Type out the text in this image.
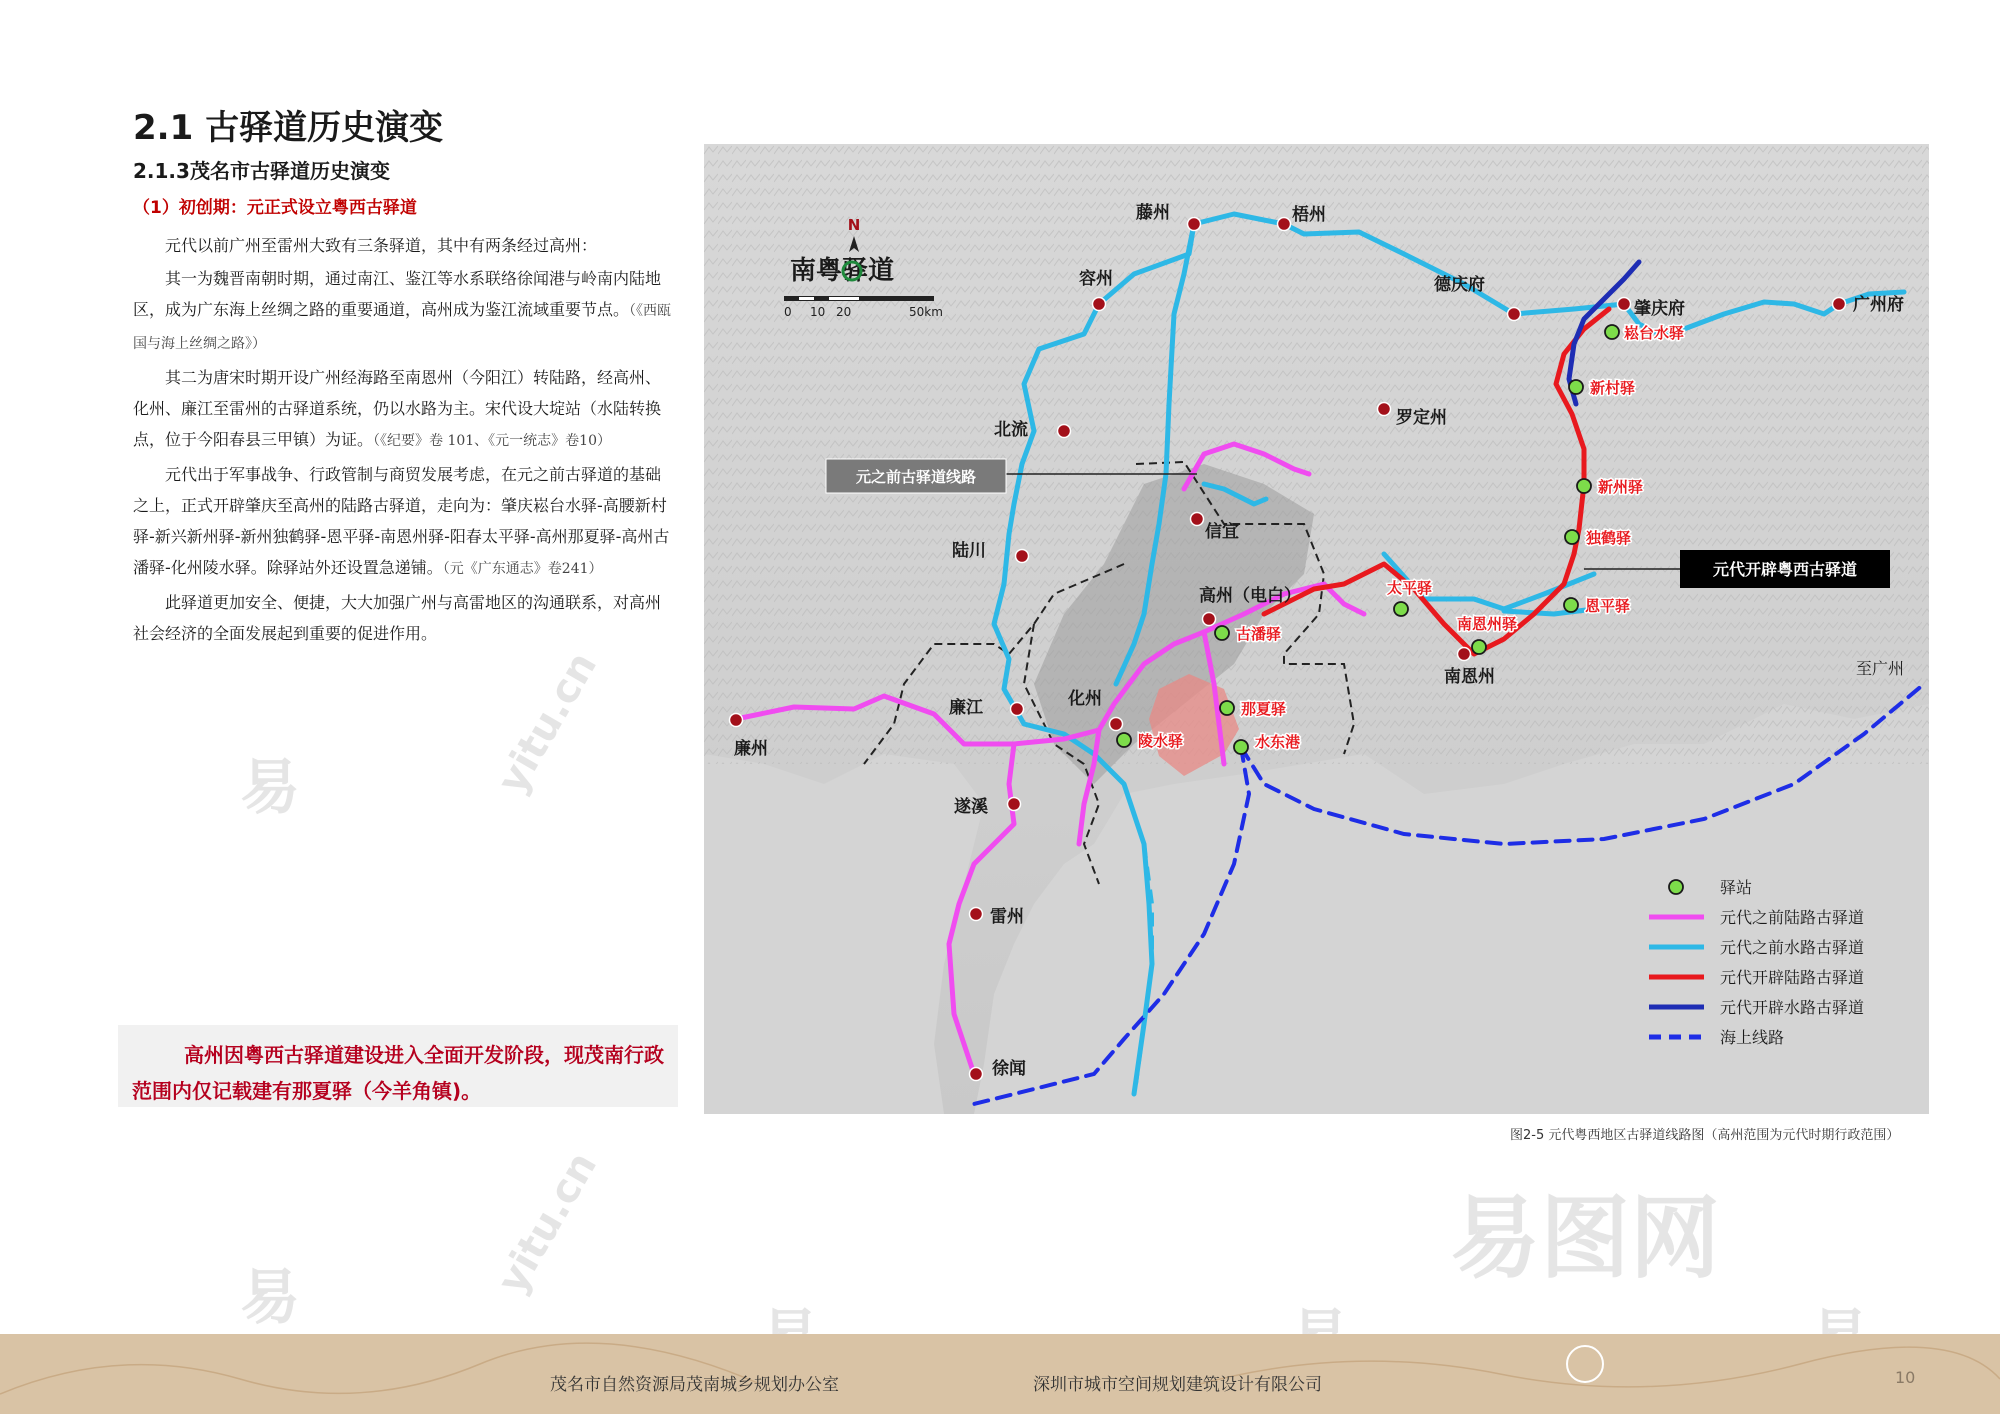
易
易
yitu.cn
yitu.cn	易图网
2.1 古驿道历史演变
2.1.3茂名市古驿道历史演变
（1）初创期：元正式设立粤西古驿道

元代以前广州至雷州大致有三条驿道，其中有两条经过高州：

其一为魏晋南朝时期，通过南江、鉴江等水系联络徐闻港与岭南内陆地区，成为广东海上丝绸之路的重要通道，高州成为鉴江流域重要节点。（《西瓯国与海上丝绸之路》）

其二为唐宋时期开设广州经海路至南恩州（今阳江）转陆路，经高州、化州、廉江至雷州的古驿道系统，仍以水路为主。宋代设大埞站（水陆转换点，位于今阳春县三甲镇）为证。（《纪要》卷 101、《元一统志》卷10）

元代出于军事战争、行政管制与商贸发展考虑，在元之前古驿道的基础之上，正式开辟肇庆至高州的陆路古驿道，走向为：肇庆崧台水驿-高腰新村驿-新兴新州驿-新州独鹤驿-恩平驿-南恩州驿-阳春太平驿-高州那夏驿-高州古潘驿-化州陵水驿。除驿站外还设置急递铺。（元《广东通志》卷241）

此驿道更加安全、便捷，大大加强广州与高雷地区的沟通联系，对高州社会经济的全面发展起到重要的促进作用。

高州因粤西古驿道建设进入全面开发阶段，现茂南行政范围内仅记载建有那夏驿（今羊角镇)。
藤州	梧州
德庆府
广州府
肇庆府
容州
北流
罗定州
信宜
陆川
高州（电白）
南恩州
廉江	化州
廉州
遂溪
雷州
徐闻
崧台水驿
新村驿
新州驿
独鹤驿
恩平驿
太平驿
南恩州驿
古潘驿
那夏驿
陵水驿	水东港
N
南粤驿道
0 10 20	50km
元之前古驿道线路
元代开辟粤西古驿道
至广州
驿站
元代之前陆路古驿道
元代之前水路古驿道
元代开辟陆路古驿道
元代开辟水路古驿道
海上线路
图2-5 元代粤西地区古驿道线路图（高州范围为元代时期行政范围）
茂名市自然资源局茂南城乡规划办公室	深圳市城市空间规划建筑设计有限公司	10
